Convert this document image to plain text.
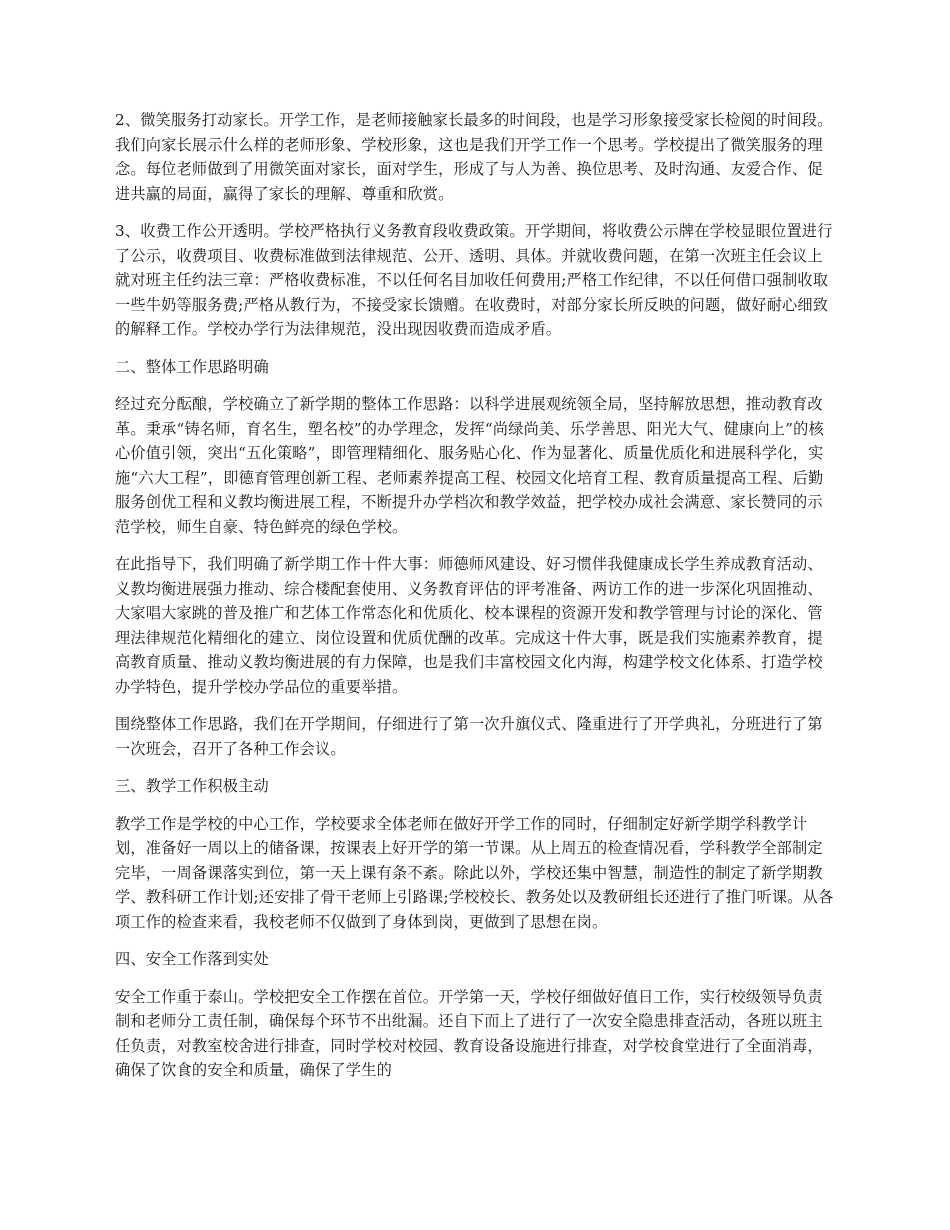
2、微笑服务打动家长。开学工作，是老师接触家长最多的时间段，也是学习形象接受家长检阅的时间段。我们向家长展示什么样的老师形象、学校形象，这也是我们开学工作一个思考。学校提出了微笑服务的理念。每位老师做到了用微笑面对家长，面对学生，形成了与人为善、换位思考、及时沟通、友爱合作、促进共赢的局面，赢得了家长的理解、尊重和欣赏。

3、收费工作公开透明。学校严格执行义务教育段收费政策。开学期间，将收费公示牌在学校显眼位置进行了公示，收费项目、收费标准做到法律规范、公开、透明、具体。并就收费问题，在第一次班主任会议上就对班主任约法三章：严格收费标准，不以任何名目加收任何费用;严格工作纪律，不以任何借口强制收取一些牛奶等服务费;严格从教行为，不接受家长馈赠。在收费时，对部分家长所反映的问题，做好耐心细致的解释工作。学校办学行为法律规范，没出现因收费而造成矛盾。

二、整体工作思路明确

经过充分酝酿，学校确立了新学期的整体工作思路：以科学进展观统领全局，坚持解放思想，推动教育改革。秉承“铸名师，育名生，塑名校”的办学理念，发挥“尚绿尚美、乐学善思、阳光大气、健康向上”的核心价值引领，突出“五化策略”，即管理精细化、服务贴心化、作为显著化、质量优质化和进展科学化，实施“六大工程”，即德育管理创新工程、老师素养提高工程、校园文化培育工程、教育质量提高工程、后勤服务创优工程和义教均衡进展工程，不断提升办学档次和教学效益，把学校办成社会满意、家长赞同的示范学校，师生自豪、特色鲜亮的绿色学校。

在此指导下，我们明确了新学期工作十件大事：师德师风建设、好习惯伴我健康成长学生养成教育活动、义教均衡进展强力推动、综合楼配套使用、义务教育评估的评考准备、两访工作的进一步深化巩固推动、大家唱大家跳的普及推广和艺体工作常态化和优质化、校本课程的资源开发和教学管理与讨论的深化、管理法律规范化精细化的建立、岗位设置和优质优酬的改革。完成这十件大事，既是我们实施素养教育，提高教育质量、推动义教均衡进展的有力保障，也是我们丰富校园文化内海，构建学校文化体系、打造学校办学特色，提升学校办学品位的重要举措。

围绕整体工作思路，我们在开学期间，仔细进行了第一次升旗仪式、隆重进行了开学典礼，分班进行了第一次班会，召开了各种工作会议。

三、教学工作积极主动

教学工作是学校的中心工作，学校要求全体老师在做好开学工作的同时，仔细制定好新学期学科教学计划，准备好一周以上的储备课，按课表上好开学的第一节课。从上周五的检查情况看，学科教学全部制定完毕，一周备课落实到位，第一天上课有条不紊。除此以外，学校还集中智慧，制造性的制定了新学期教学、教科研工作计划;还安排了骨干老师上引路课;学校校长、教务处以及教研组长还进行了推门听课。从各项工作的检查来看，我校老师不仅做到了身体到岗，更做到了思想在岗。

四、安全工作落到实处

安全工作重于泰山。学校把安全工作摆在首位。开学第一天，学校仔细做好值日工作，实行校级领导负责制和老师分工责任制，确保每个环节不出纰漏。还自下而上了进行了一次安全隐患排查活动，各班以班主任负责，对教室校舍进行排查，同时学校对校园、教育设备设施进行排查，对学校食堂进行了全面消毒，确保了饮食的安全和质量，确保了学生的
